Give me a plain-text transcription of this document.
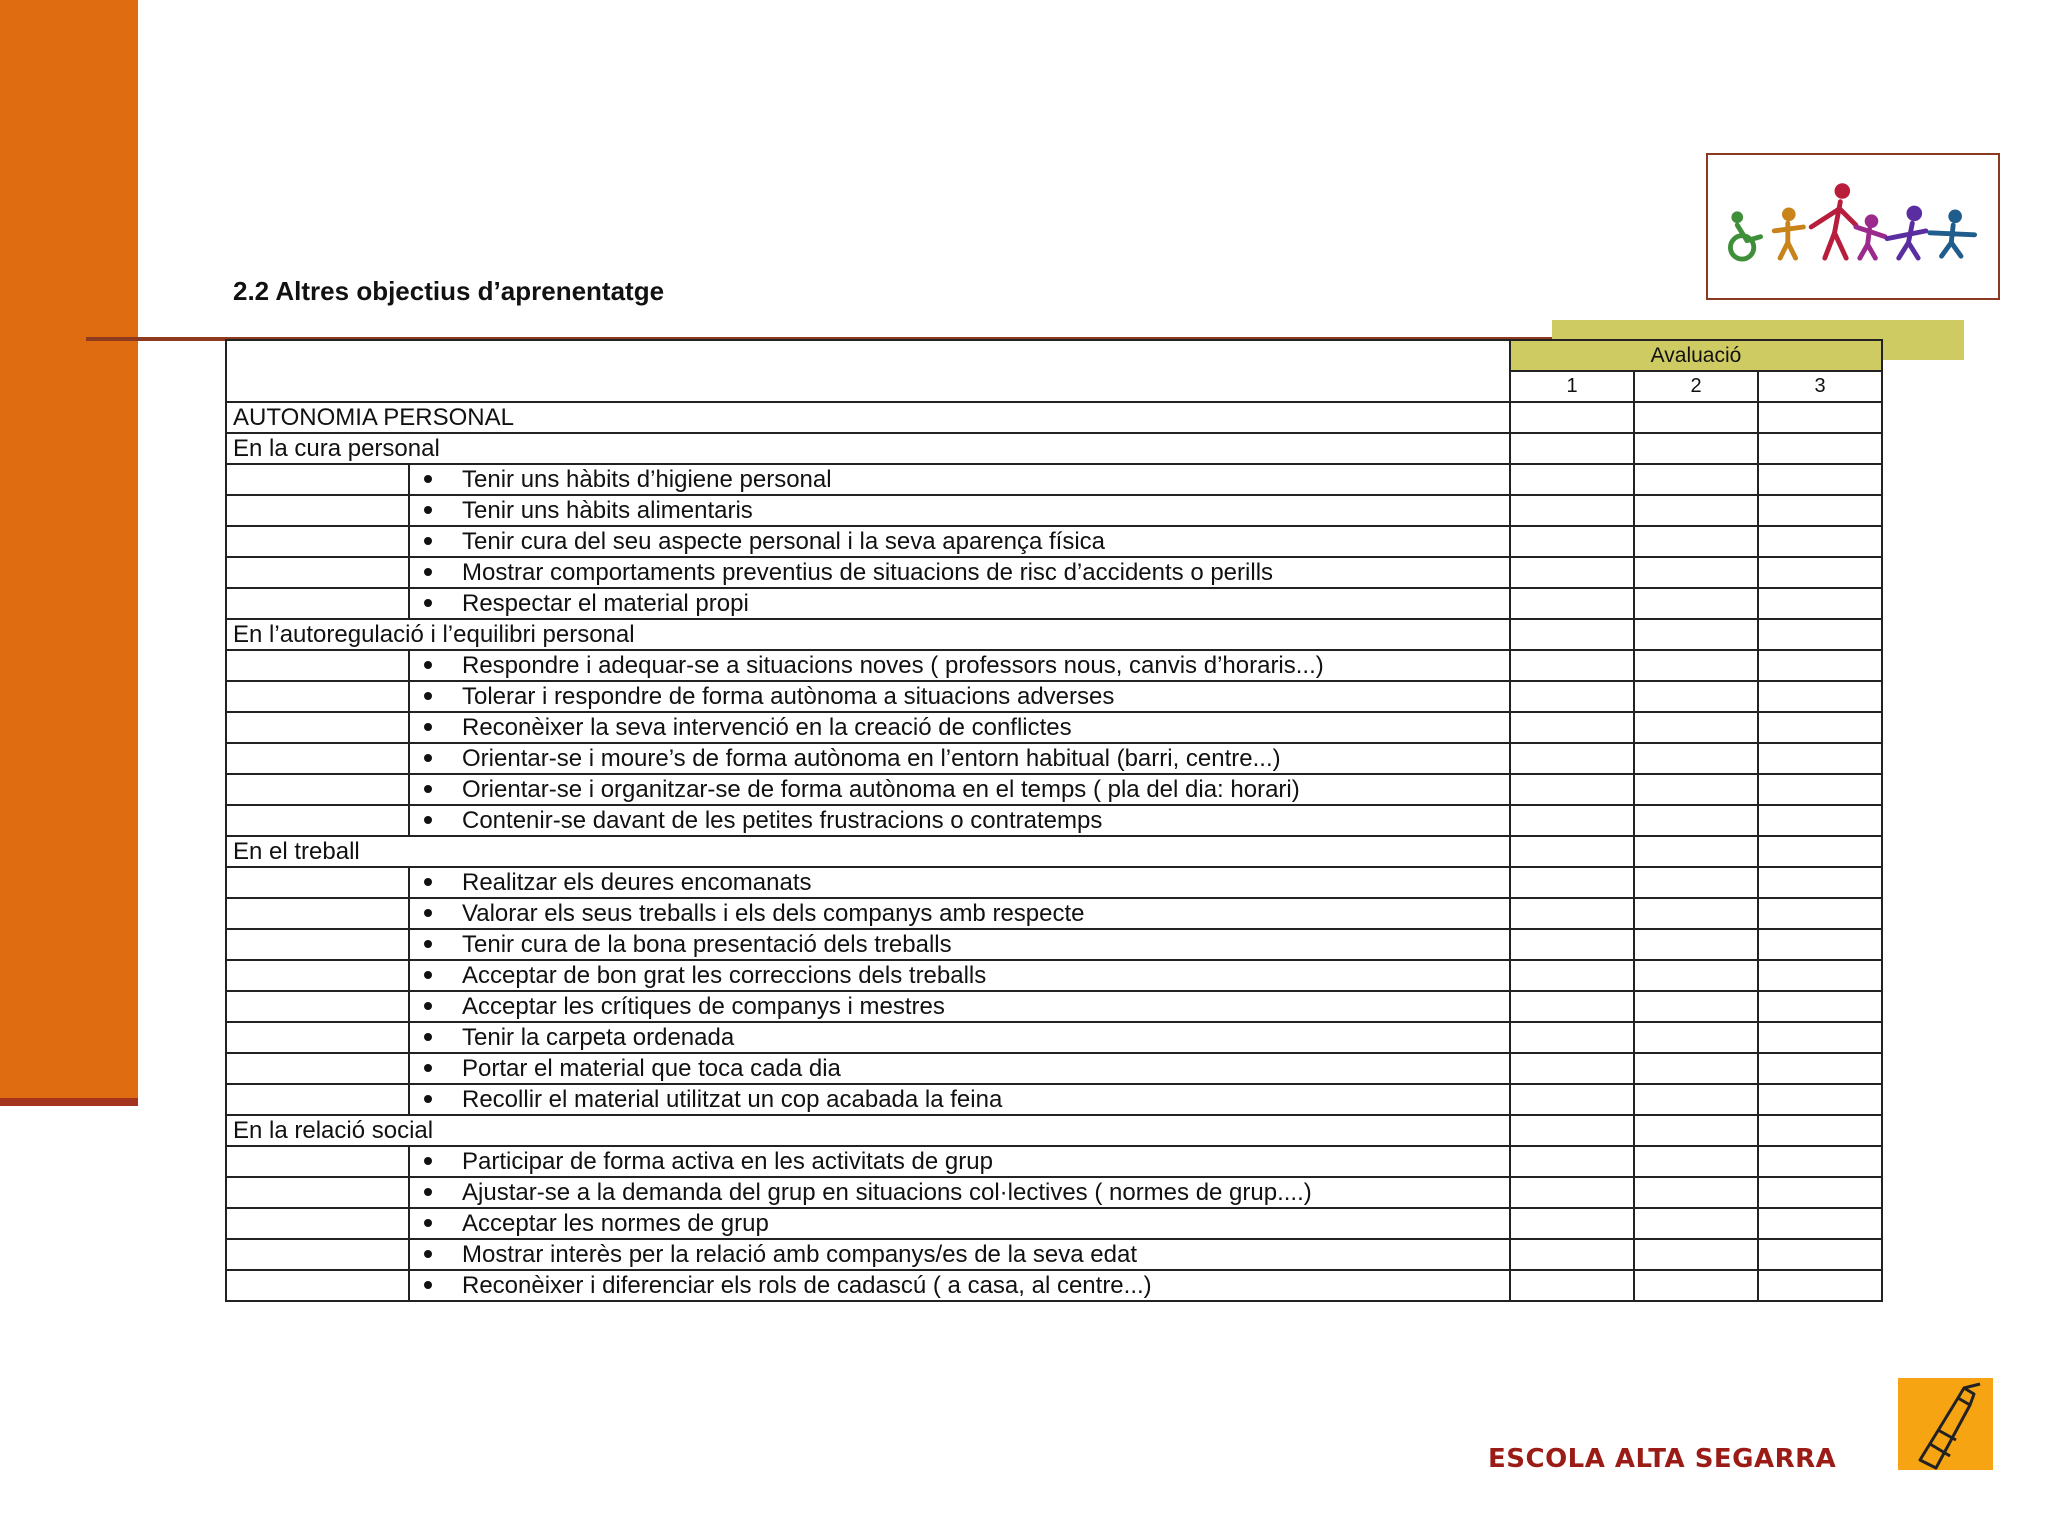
2.2 Altres objectius d’aprenentatge
		Avaluació		
		1	2	3
AUTONOMIA PERSONAL				
En la cura personal				
	Tenir uns hàbits d’higiene personal			
	Tenir uns hàbits alimentaris			
	Tenir cura del seu aspecte personal i la seva aparença física			
	Mostrar comportaments preventius de situacions de risc d’accidents o perills			
	Respectar el material propi			
En l’autoregulació i l’equilibri personal				
	Respondre i adequar-se a situacions noves ( professors nous, canvis d’horaris...)			
	Tolerar i respondre de forma autònoma a situacions adverses			
	Reconèixer la seva intervenció en la creació de conflictes			
	Orientar-se i moure’s de forma autònoma en l’entorn habitual (barri, centre...)			
	Orientar-se i organitzar-se de forma autònoma en el temps ( pla del dia: horari)			
	Contenir-se davant de les petites frustracions o contratemps			
En el treball				
	Realitzar els deures encomanats			
	Valorar els seus treballs i els dels companys amb respecte			
	Tenir cura de la bona presentació dels treballs			
	Acceptar de bon grat les correccions dels treballs			
	Acceptar les crítiques de companys i mestres			
	Tenir la carpeta ordenada			
	Portar el material que toca cada dia			
	Recollir el material utilitzat un cop acabada la feina			
En la relació social				
	Participar de forma activa en les activitats de grup			
	Ajustar-se a la demanda del grup en situacions col·lectives ( normes de grup....)			
	Acceptar les normes de grup			
	Mostrar interès per la relació amb companys/es de la seva edat			
	Reconèixer i diferenciar els rols de cadascú ( a casa, al centre...)			
ESCOLA ALTA SEGARRA
